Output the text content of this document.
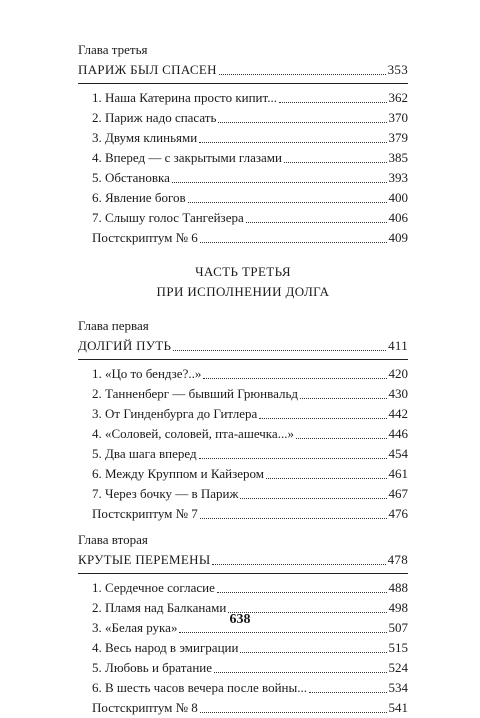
Глава третья
ПАРИЖ БЫЛ СПАСЕН	353
1. Наша Катерина просто кипит...	362
2. Париж надо спасать	370
3. Двумя клиньями	379
4. Вперед — с закрытыми глазами	385
5. Обстановка	393
6. Явление богов	400
7. Слышу голос Тангейзера	406
Постскриптум № 6	409
ЧАСТЬ ТРЕТЬЯ
ПРИ ИСПОЛНЕНИИ ДОЛГА
Глава первая
ДОЛГИЙ ПУТЬ	411
1. «Цо то бендзе?..»	420
2. Танненберг — бывший Грюнвальд	430
3. От Гинденбурга до Гитлера	442
4. «Соловей, соловей, пта-ашечка...»	446
5. Два шага вперед	454
6. Между Круппом и Кайзером	461
7. Через бочку — в Париж	467
Постскриптум № 7	476
Глава вторая
КРУТЫЕ ПЕРЕМЕНЫ	478
1. Сердечное согласие	488
2. Пламя над Балканами	498
3. «Белая рука»	507
4. Весь народ в эмиграции	515
5. Любовь и братание	524
6. В шесть часов вечера после войны...	534
Постскриптум № 8	541
638
